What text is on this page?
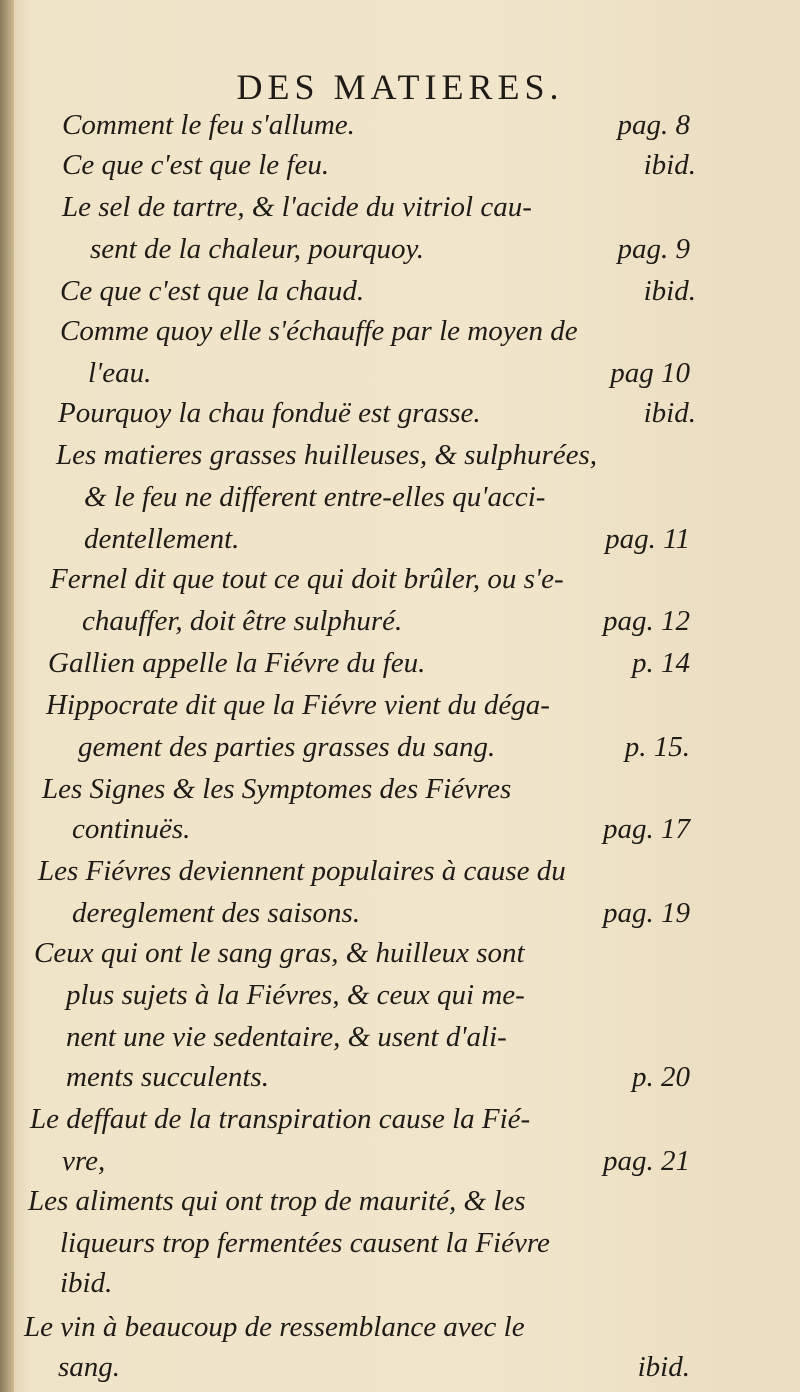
DES MATIERES.
Comment le feu s'allume.	pag. 8
Ce que c'est que le feu.	ibid.
Le sel de tartre, & l'acide du vitriol cau-
sent de la chaleur, pourquoy.	pag. 9
Ce que c'est que la chaud.	ibid.
Comme quoy elle s'échauffe par le moyen de
l'eau.	pag 10
Pourquoy la chau fonduë est grasse.	ibid.
Les matieres grasses huilleuses, & sulphurées,
& le feu ne different entre-elles qu'acci-
dentellement.	pag. 11
Fernel dit que tout ce qui doit brûler, ou s'e-
chauffer, doit être sulphuré.	pag. 12
Gallien appelle la Fiévre du feu.	p. 14
Hippocrate dit que la Fiévre vient du déga-
gement des parties grasses du sang.	p. 15.
Les Signes & les Symptomes des Fiévres
continuës.	pag. 17
Les Fiévres deviennent populaires à cause du
dereglement des saisons.	pag. 19
Ceux qui ont le sang gras, & huilleux sont
plus sujets à la Fiévres, & ceux qui me-
nent une vie sedentaire, & usent d'ali-
ments succulents.	p. 20
Le deffaut de la transpiration cause la Fié-
vre,	pag. 21
Les aliments qui ont trop de maurité, & les
liqueurs trop fermentées causent la Fiévre
ibid.
Le vin à beaucoup de ressemblance avec le
sang.	ibid.
